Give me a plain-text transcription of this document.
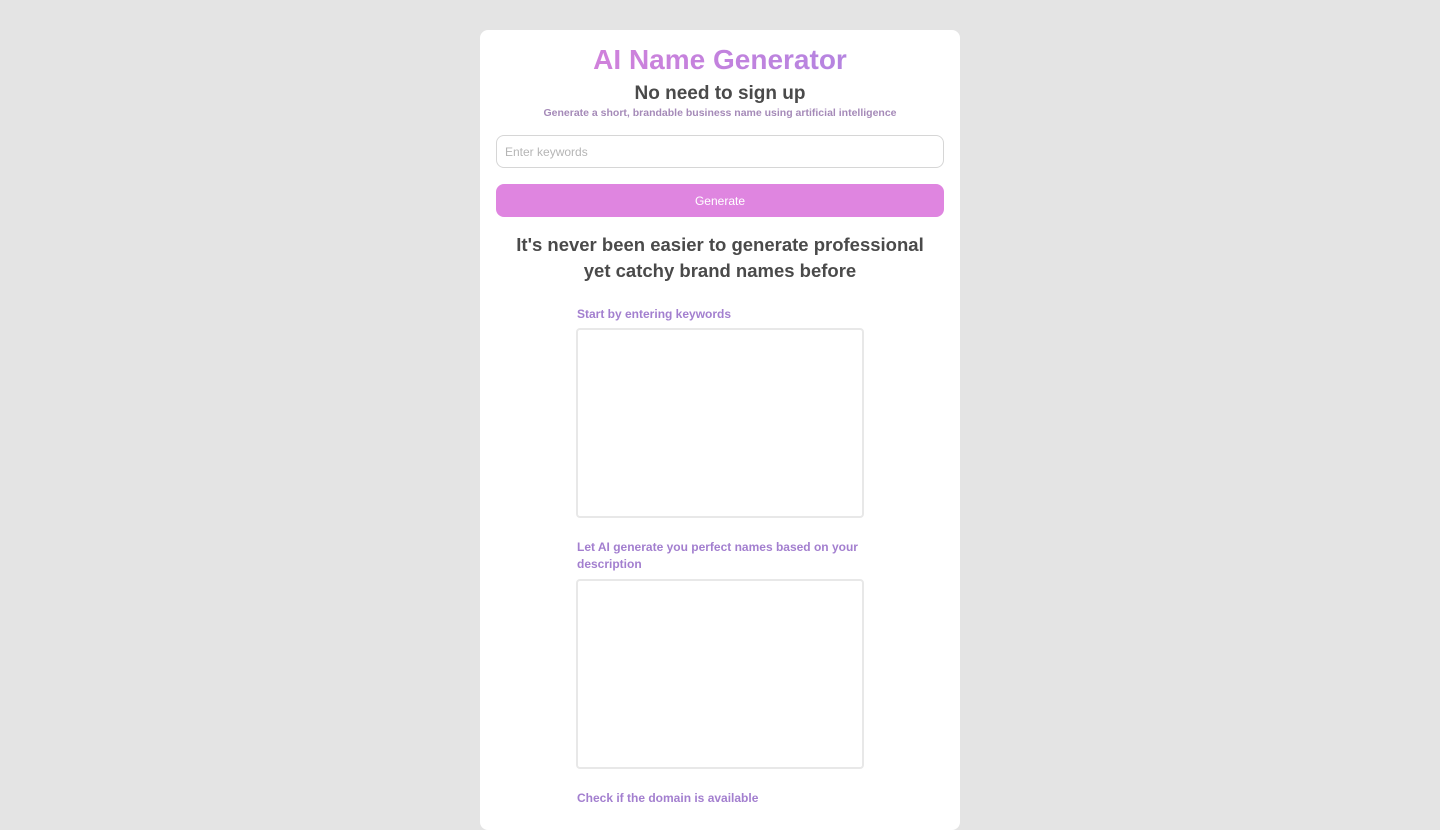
AI Name Generator
No need to sign up

Generate a short, brandable business name using artificial intelligence

Enter keywords
Generate
It's never been easier to generate professional yet catchy brand names before

Start by entering keywords

Let AI generate you perfect names based on your description

Check if the domain is available
